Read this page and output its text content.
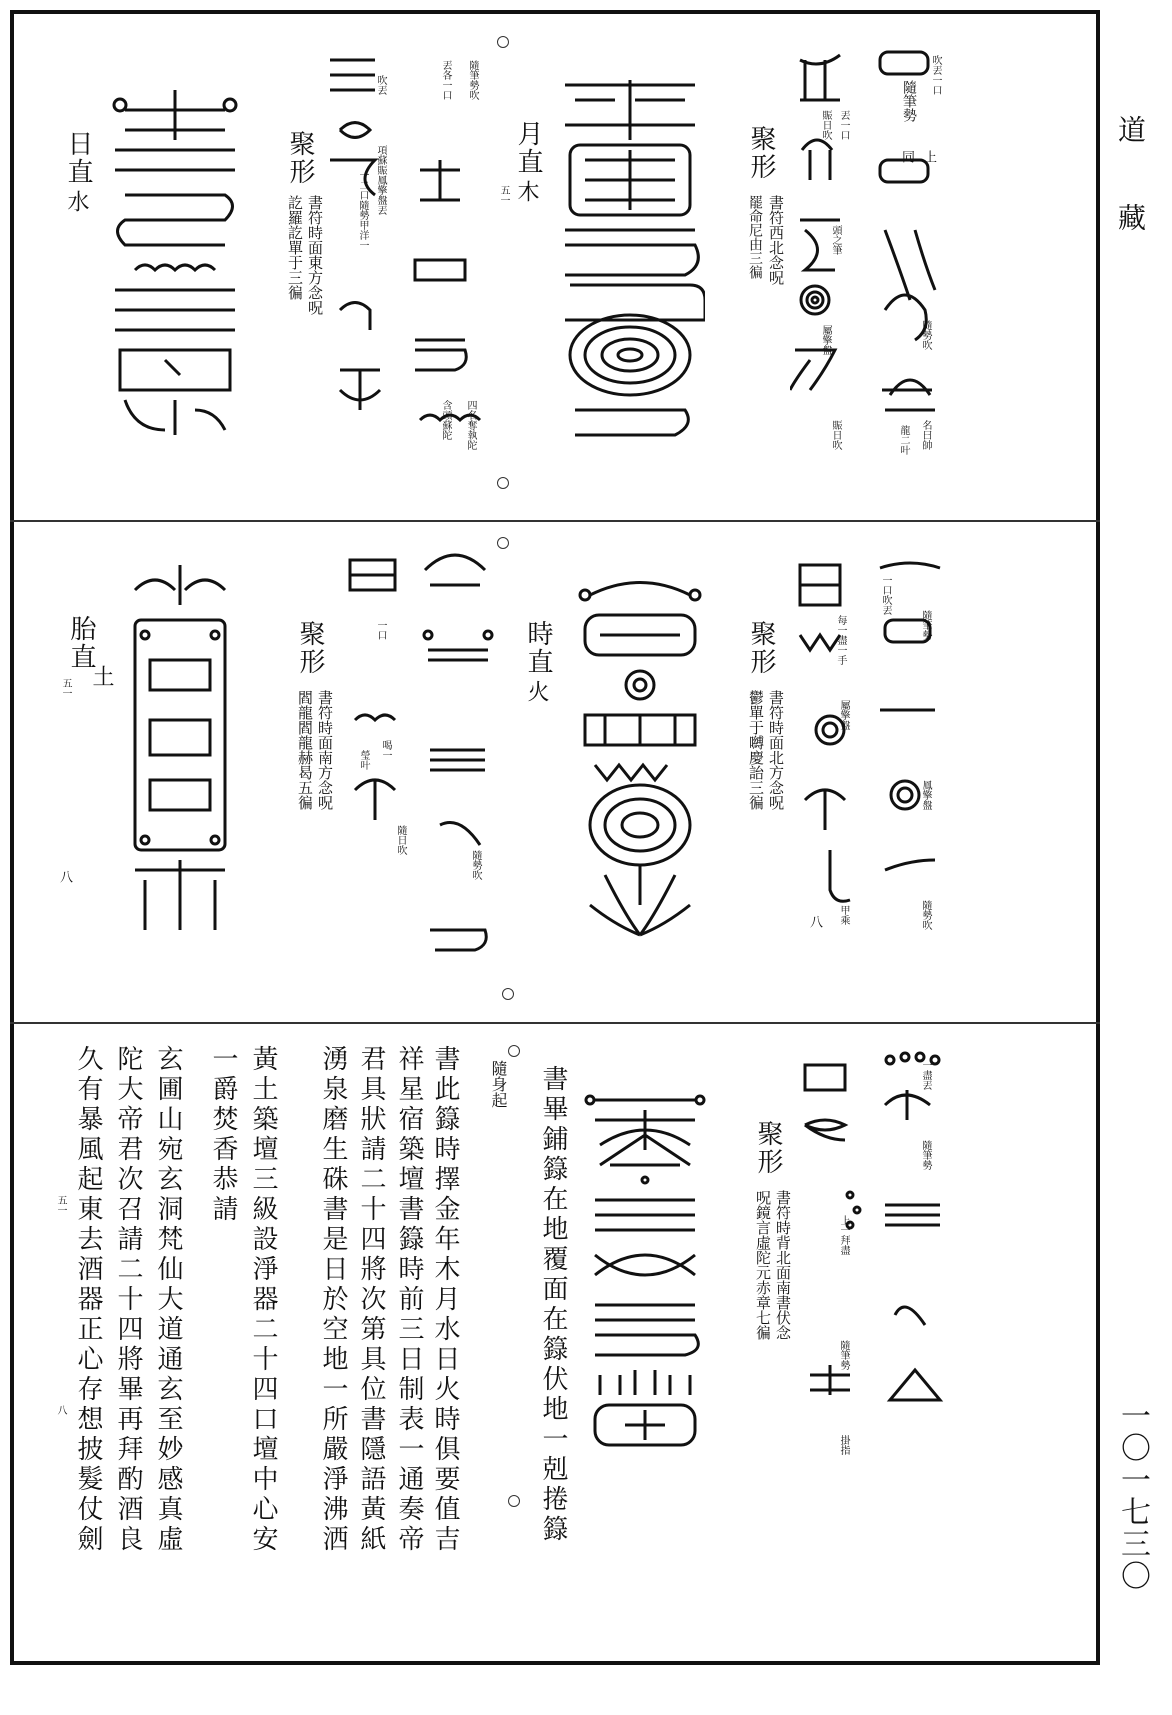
道藏
一〇一七三〇
聚形
書符西北念呪
罷命尼由三徧
吹丟一口
隨筆勢
同 上
丟一口
賑日吹
頭之筆
屬擎盤	隨勢吹
名曰帥
龍二叶
賑日吹
月直
木
五一
聚形
書符時面東方念呪
訖羅訖單于三徧
隨筆勢吹
丟各一口
吹丟
四名奪執陀
含頭蘇陀
項蘇賑鳳擎盤丟
一二口隨勢甲洋一
日直
水
聚形
書符時面北方念呪
鬱單于嚩慶詒三徧
一口吹丟
隨筆勢
每一盡一手
屬擎盤
鳳擎盤
隨勢吹
甲乘
八
時直
火
聚形
書符時面南方念呪
閻龍閻龍赫曷五徧
一口
隨勢吹
喝一
瑩叶
隨日吹
胎直
土
五一
八
聚形
書符時背北面南書伏念
呪鏡言虛陀元赤章七徧
一盡丟
隨筆勢
上一拜盡
隨筆勢
掛指
書畢鋪籙在地覆面在籙伏地一剋捲籙
隨身起
書此籙時擇金年木月水日火時俱要值吉
祥星宿築壇書籙時前三日制表一通奏帝
君具狀請二十四將次第具位書隱語黃紙
湧泉磨生硃書是日於空地一所嚴淨沸洒
黃土築壇三級設淨器二十四口壇中心安
一爵焚香恭請
玄圃山宛玄洞梵仙大道通玄至妙感真虛
陀大帝君次召請二十四將畢再拜酌酒良
久有暴風起東去酒器正心存想披髮仗劍
五一
八
